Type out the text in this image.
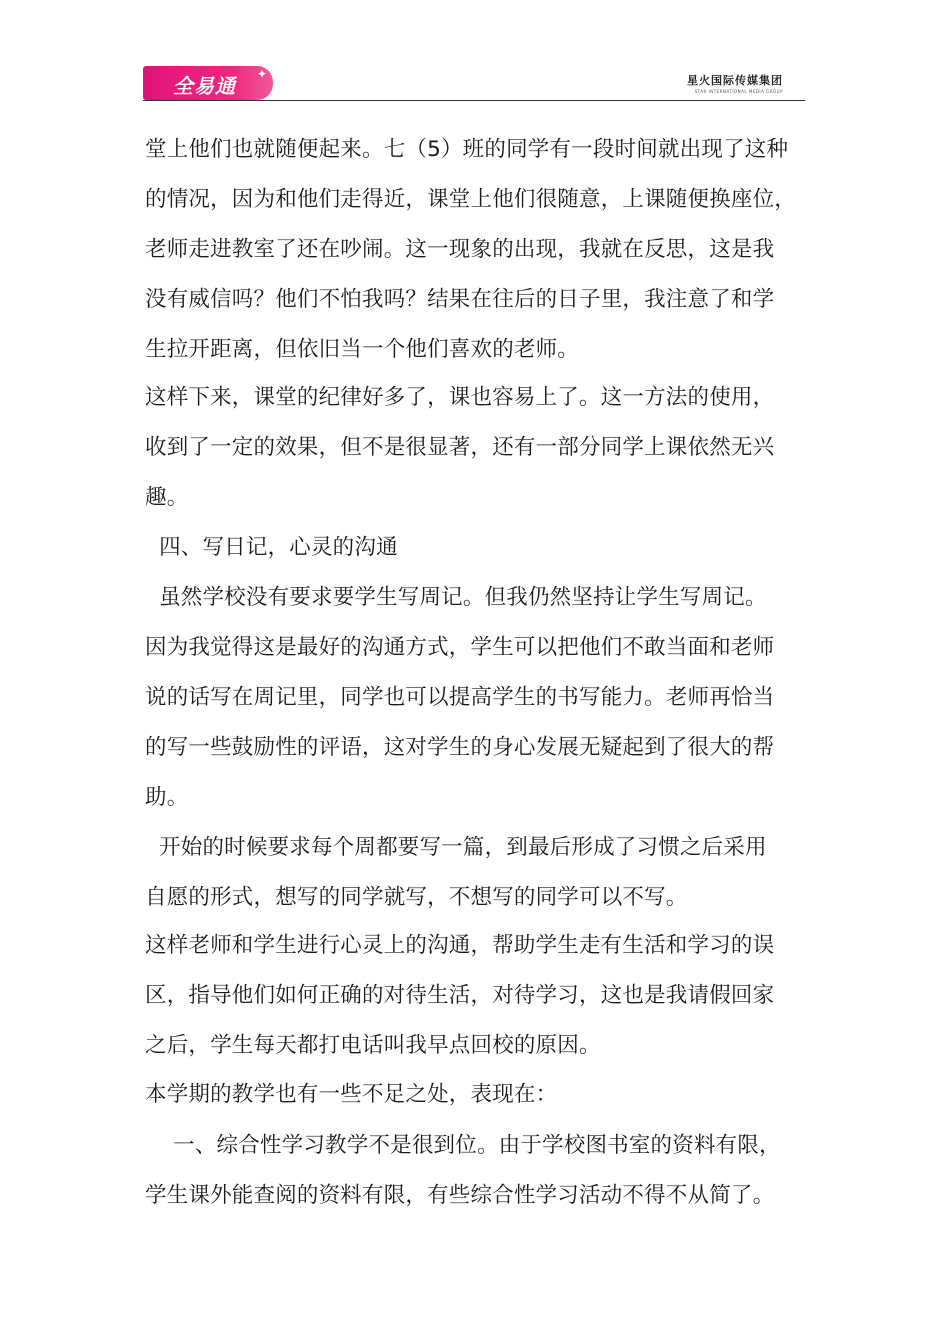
全易通 ✦	星火国际传媒集团
STAR INTERNATIONAL MEDIA GROUP
堂上他们也就随便起来。七（5）班的同学有一段时间就出现了这种
的情况，因为和他们走得近，课堂上他们很随意，上课随便换座位，
老师走进教室了还在吵闹。这一现象的出现，我就在反思，这是我
没有威信吗？他们不怕我吗？结果在往后的日子里，我注意了和学
生拉开距离，但依旧当一个他们喜欢的老师。
这样下来，课堂的纪律好多了，课也容易上了。这一方法的使用，
收到了一定的效果，但不是很显著，还有一部分同学上课依然无兴
趣。
四、写日记，心灵的沟通
虽然学校没有要求要学生写周记。但我仍然坚持让学生写周记。
因为我觉得这是最好的沟通方式，学生可以把他们不敢当面和老师
说的话写在周记里，同学也可以提高学生的书写能力。老师再恰当
的写一些鼓励性的评语，这对学生的身心发展无疑起到了很大的帮
助。
开始的时候要求每个周都要写一篇，到最后形成了习惯之后采用
自愿的形式，想写的同学就写，不想写的同学可以不写。
这样老师和学生进行心灵上的沟通，帮助学生走有生活和学习的误
区，指导他们如何正确的对待生活，对待学习，这也是我请假回家
之后，学生每天都打电话叫我早点回校的原因。
本学期的教学也有一些不足之处，表现在：
一、综合性学习教学不是很到位。由于学校图书室的资料有限，
学生课外能查阅的资料有限，有些综合性学习活动不得不从简了。
